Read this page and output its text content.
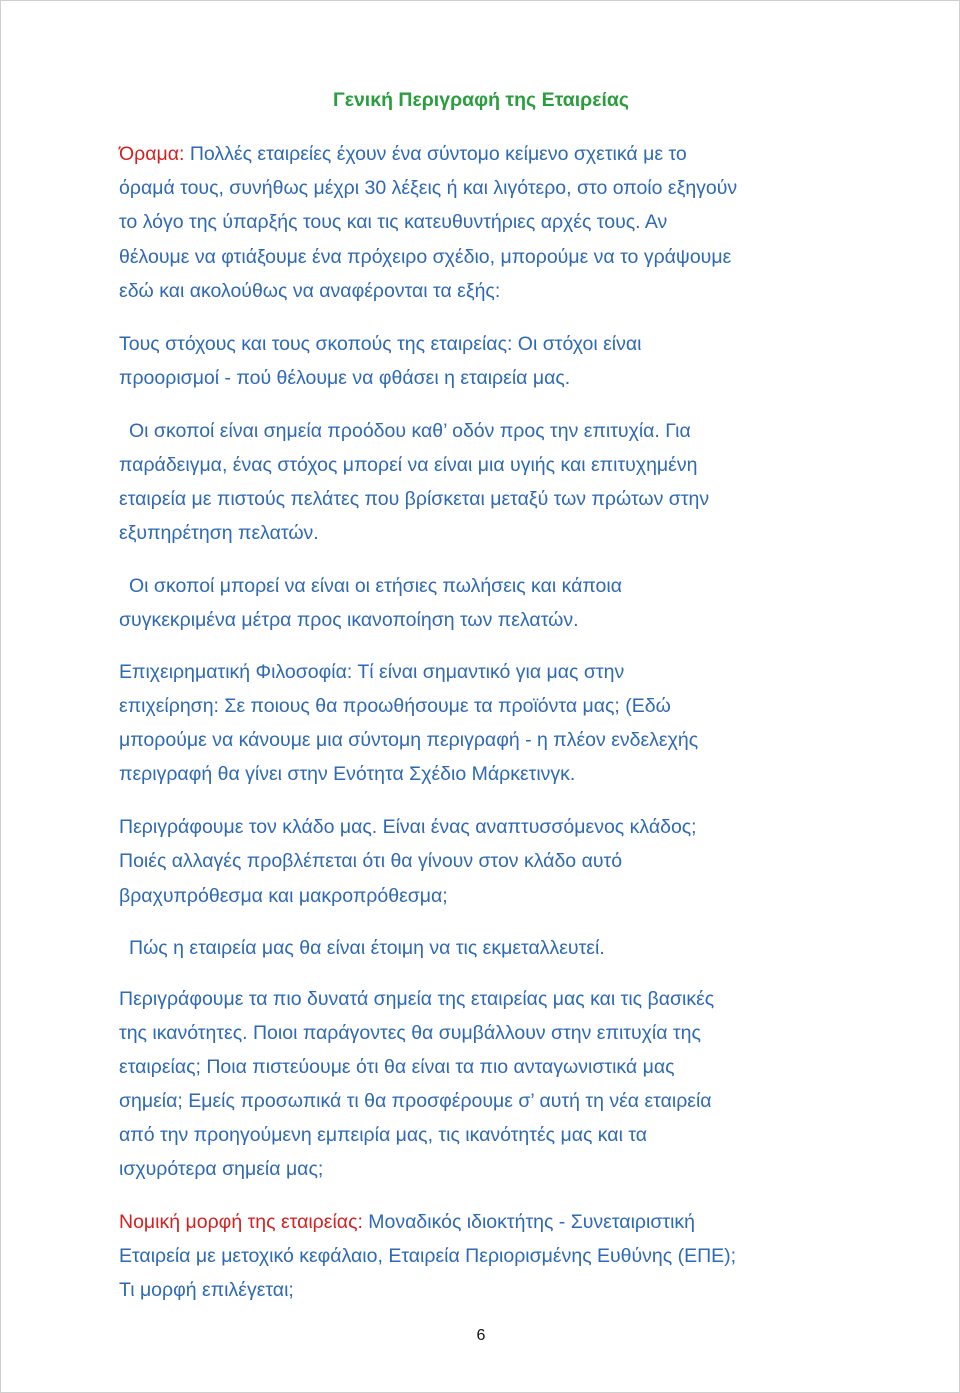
Γενική Περιγραφή της Εταιρείας
Όραμα: Πολλές εταιρείες έχουν ένα σύντομο κείμενο σχετικά με το
όραμά τους, συνήθως μέχρι 30 λέξεις ή και λιγότερο, στο οποίο εξηγούν
το λόγο της ύπαρξής τους και τις κατευθυντήριες αρχές τους. Αν
θέλουμε να φτιάξουμε ένα πρόχειρο σχέδιο, μπορούμε να το γράψουμε
εδώ και ακολούθως να αναφέρονται τα εξής:
Τους στόχους και τους σκοπούς της εταιρείας: Οι στόχοι είναι
προορισμοί - πού θέλουμε να φθάσει η εταιρεία μας.
Οι σκοποί είναι σημεία προόδου καθ’ οδόν προς την επιτυχία. Για
παράδειγμα, ένας στόχος μπορεί να είναι μια υγιής και επιτυχημένη
εταιρεία με πιστούς πελάτες που βρίσκεται μεταξύ των πρώτων στην
εξυπηρέτηση πελατών.
Οι σκοποί μπορεί να είναι οι ετήσιες πωλήσεις και κάποια
συγκεκριμένα μέτρα προς ικανοποίηση των πελατών.
Επιχειρηματική Φιλοσοφία: Τί είναι σημαντικό για μας στην
επιχείρηση: Σε ποιους θα προωθήσουμε τα προϊόντα μας; (Εδώ
μπορούμε να κάνουμε μια σύντομη περιγραφή - η πλέον ενδελεχής
περιγραφή θα γίνει στην Ενότητα Σχέδιο Μάρκετινγκ.
Περιγράφουμε τον κλάδο μας. Είναι ένας αναπτυσσόμενος κλάδος;
Ποιές αλλαγές προβλέπεται ότι θα γίνουν στον κλάδο αυτό
βραχυπρόθεσμα και μακροπρόθεσμα;
Πώς η εταιρεία μας θα είναι έτοιμη να τις εκμεταλλευτεί.
Περιγράφουμε τα πιο δυνατά σημεία της εταιρείας μας και τις βασικές
της ικανότητες. Ποιοι παράγοντες θα συμβάλλουν στην επιτυχία της
εταιρείας; Ποια πιστεύουμε ότι θα είναι τα πιο ανταγωνιστικά μας
σημεία; Εμείς προσωπικά τι θα προσφέρουμε σ’ αυτή τη νέα εταιρεία
από την προηγούμενη εμπειρία μας, τις ικανότητές μας και τα
ισχυρότερα σημεία μας;
Νομική μορφή της εταιρείας: Μοναδικός ιδιοκτήτης - Συνεταιριστική
Εταιρεία με μετοχικό κεφάλαιο, Εταιρεία Περιορισμένης Ευθύνης (ΕΠΕ);
Τι μορφή επιλέγεται;
6
